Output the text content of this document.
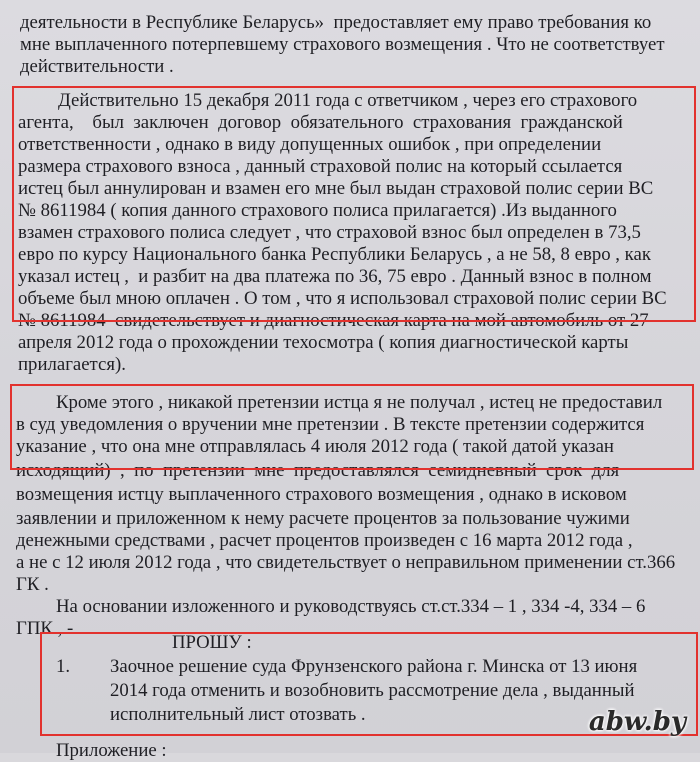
деятельности в Республике Беларусь»  предоставляет ему право требования ко
мне выплаченного потерпевшему страхового возмещения . Что не соответствует
действительности .
Действительно 15 декабря 2011 года с ответчиком , через его страхового
агента,    был  заключен  договор  обязательного  страхования  гражданской
ответственности , однако в виду допущенных ошибок , при определении
размера страхового взноса , данный страховой полис на который ссылается
истец был аннулирован и взамен его мне был выдан страховой полис серии ВС
№ 8611984 ( копия данного страхового полиса прилагается) .Из выданного
взамен страхового полиса следует , что страховой взнос был определен в 73,5
евро по курсу Национального банка Республики Беларусь , а не 58, 8 евро , как
указал истец ,  и разбит на два платежа по 36, 75 евро . Данный взнос в полном
объеме был мною оплачен . О том , что я использовал страховой полис серии ВС
№ 8611984  свидетельствует и диагностическая карта на мой автомобиль от 27
апреля 2012 года о прохождении техосмотра ( копия диагностической карты
прилагается).
Кроме этого , никакой претензии истца я не получал , истец не предоставил
в суд уведомления о вручении мне претензии . В тексте претензии содержится
указание , что она мне отправлялась 4 июля 2012 года ( такой датой указан
исходящий)  ,  по  претензии  мне  предоставлялся  семидневный  срок  для
возмещения истцу выплаченного страхового возмещения , однако в исковом
заявлении и приложенном к нему расчете процентов за пользование чужими
денежными средствами , расчет процентов произведен с 16 марта 2012 года ,
а не с 12 июля 2012 года , что свидетельствует о неправильном применении ст.366
ГК .
На основании изложенного и руководствуясь ст.ст.334 – 1 , 334 -4, 334 – 6
ГПК , -
ПРОШУ :
1.	Заочное решение суда Фрунзенского района г. Минска от 13 июня
2014 года отменить и возобновить рассмотрение дела , выданный
исполнительный лист отозвать .
Приложение :
abw.by
